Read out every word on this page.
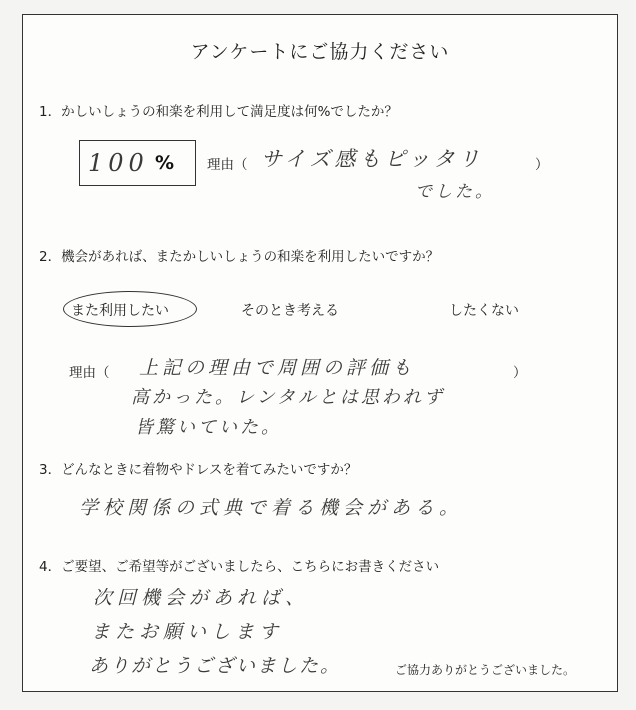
アンケートにご協力ください
1．かしいしょうの和楽を利用して満足度は何%でしたか？
100 % 理由（ サイズ感もピッタリ	）
でした。
2．機会があれば、またかしいしょうの和楽を利用したいですか？
また利用したい	そのとき考える	したくない
理由（ 上記の理由で周囲の評価も	）
高かった。レンタルとは思われず
皆驚いていた。
3．どんなときに着物やドレスを着てみたいですか？
学校関係の式典で着る機会がある。
4．ご要望、ご希望等がございましたら、こちらにお書きください
次回機会があれば、
またお願いします
ありがとうございました。	ご協力ありがとうございました。
